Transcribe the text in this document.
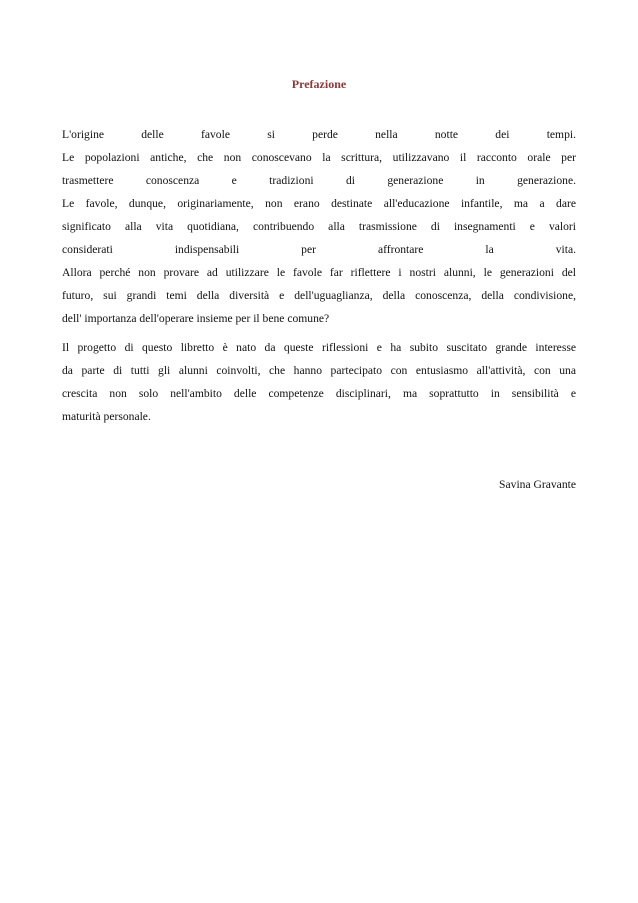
Prefazione
L'origine delle favole si perde nella notte dei tempi.
Le popolazioni antiche, che non conoscevano la scrittura, utilizzavano il racconto orale per
trasmettere conoscenza e tradizioni di generazione in generazione.
Le favole, dunque, originariamente, non erano destinate all'educazione infantile, ma a dare
significato alla vita quotidiana, contribuendo alla trasmissione di insegnamenti e valori
considerati indispensabili per affrontare la vita.
Allora perché non provare ad utilizzare le favole far riflettere i nostri alunni, le generazioni del
futuro, sui grandi temi della diversità e dell'uguaglianza, della conoscenza, della condivisione,
dell' importanza dell'operare insieme per il bene comune?
Il progetto di questo libretto è nato da queste riflessioni e ha subito suscitato grande interesse
da parte di tutti gli alunni coinvolti, che hanno partecipato con entusiasmo all'attività, con una
crescita non solo nell'ambito delle competenze disciplinari, ma soprattutto in sensibilità e
maturità personale.
Savina Gravante
